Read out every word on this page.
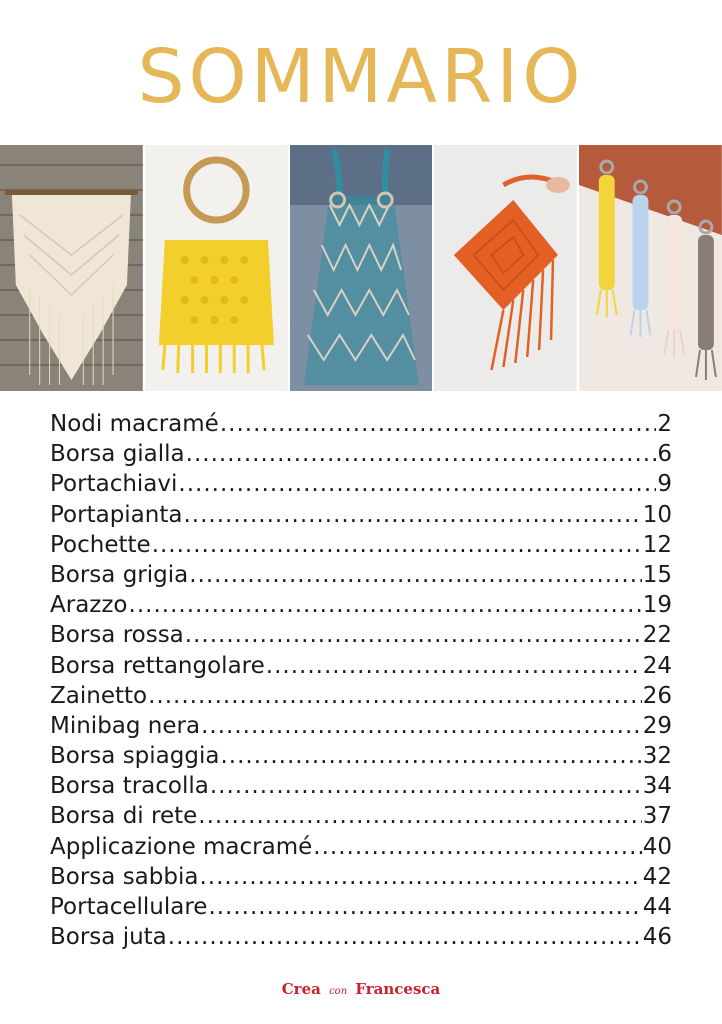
SOMMARIO
Nodi macramé .....	2
Borsa gialla .....	6
Portachiavi .....	9
Portapianta .....	10
Pochette .....	12
Borsa grigia .....	15
Arazzo .....	19
Borsa rossa .....	22
Borsa rettangolare .....	24
Zainetto .....	26
Minibag nera .....	29
Borsa spiaggia .....	32
Borsa tracolla .....	34
Borsa di rete .....	37
Applicazione macramé .....	40
Borsa sabbia .....	42
Portacellulare .....	44
Borsa juta .....	46
Crea con Francesca
